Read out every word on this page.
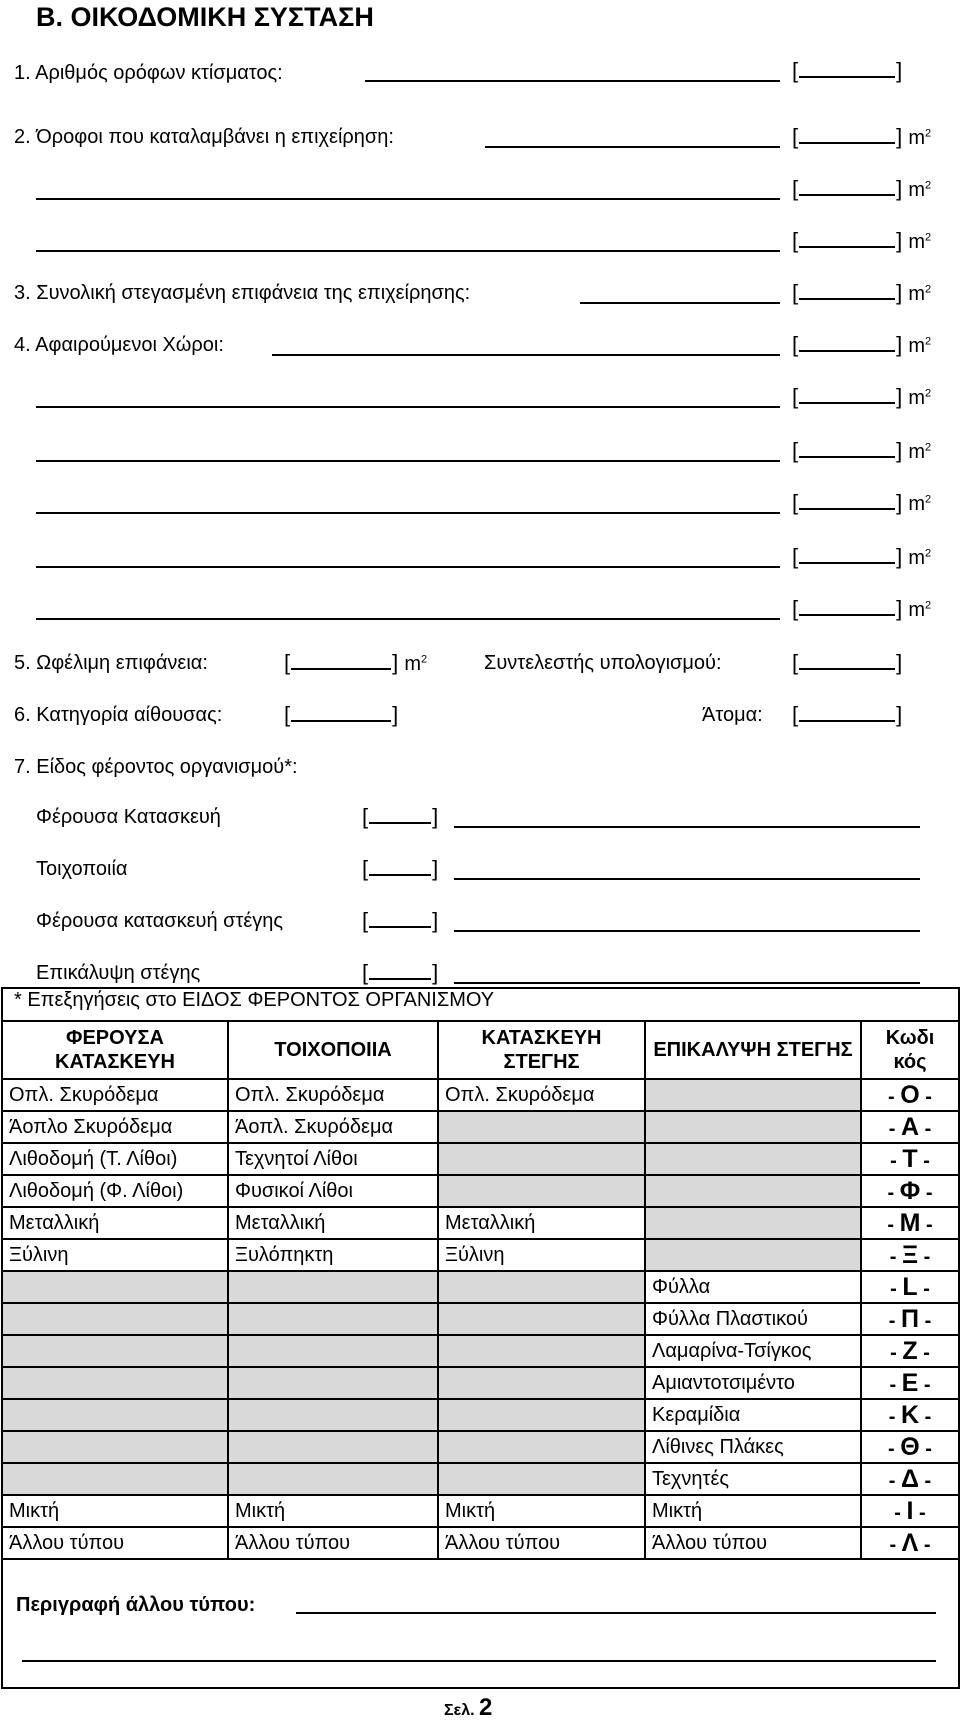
Β. ΟΙΚΟΔΟΜΙΚΗ ΣΥΣΤΑΣΗ
1. Αριθμός ορόφων κτίσματος:	[	]
2. Όροφοι που καταλαμβάνει η επιχείρηση:	[	] $m^2$
[	] $m^2$
[	] $m^2$
3. Συνολική στεγασμένη επιφάνεια της επιχείρησης:	[	] $m^2$
4. Αφαιρούμενοι Χώροι:	[	] $m^2$
[	] $m^2$
[	] $m^2$
[	] $m^2$
[	] $m^2$
[	] $m^2$
5. Ωφέλιμη επιφάνεια:	[	] $m^2$	Συντελεστής υπολογισμού:	[	]
6. Κατηγορία αίθουσας:	[	]	Άτομα: [	]
7. Είδος φέροντος οργανισμού*:
Φέρουσα Κατασκευή	[	]
Τοιχοποιία	[	]
Φέρουσα κατασκευή στέγης	[	]
Επικάλυψη στέγης	[	]
* Επεξηγήσεις στο ΕΙΔΟΣ ΦΕΡΟΝΤΟΣ ΟΡΓΑΝΙΣΜΟΥ
ΦΕΡΟΥΣΑ ΚΑΤΑΣΚΕΥΗ	ΤΟΙΧΟΠΟΙΙΑ	ΚΑΤΑΣΚΕΥΗ ΣΤΕΓΗΣ	ΕΠΙΚΑΛΥΨΗ ΣΤΕΓΗΣ	Κωδι κός
Οπλ. Σκυρόδεμα	Οπλ. Σκυρόδεμα	Οπλ. Σκυρόδεμα		- Ο -
Άοπλο Σκυρόδεμα	Άοπλ. Σκυρόδεμα			- Α -
Λιθοδομή (Τ. Λίθοι)	Τεχνητοί Λίθοι			- Τ -
Λιθοδομή (Φ. Λίθοι)	Φυσικοί Λίθοι			- Φ -
Μεταλλική	Μεταλλική	Μεταλλική		- Μ -
Ξύλινη	Ξυλόπηκτη	Ξύλινη		- Ξ -
			Φύλλα	- L -
			Φύλλα Πλαστικού	- Π -
			Λαμαρίνα-Τσίγκος	- Z -
			Αμιαντοτσιμέντο	- Ε -
			Κεραμίδια	- Κ -
			Λίθινες Πλάκες	- Θ -
			Τεχνητές	- Δ -
Μικτή	Μικτή	Μικτή	Μικτή	- Ι -
Άλλου τύπου	Άλλου τύπου	Άλλου τύπου	Άλλου τύπου	- Λ -
Περιγραφή άλλου τύπου:
Σελ. 2
